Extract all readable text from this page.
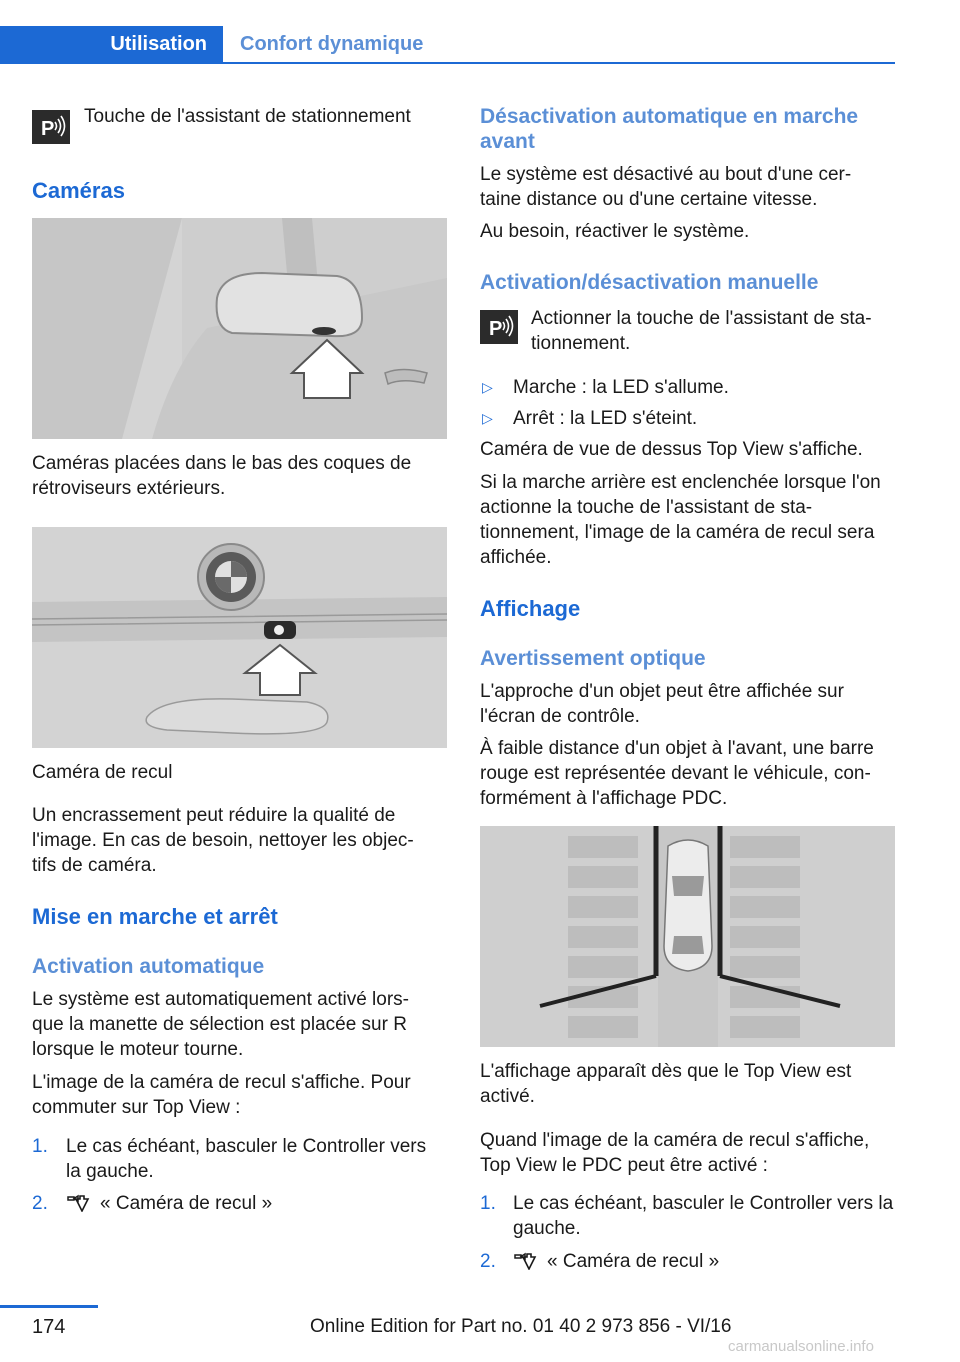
Utilisation	Confort dynamique
P
Touche de l'assistant de stationnement
Caméras
Caméras placées dans le bas des coques de rétroviseurs extérieurs.
Caméra de recul
Un encrassement peut réduire la qualité de l'image. En cas de besoin, nettoyer les objec- tifs de caméra.
Mise en marche et arrêt
Activation automatique
Le système est automatiquement activé lors- que la manette de sélection est placée sur R lorsque le moteur tourne.
L'image de la caméra de recul s'affiche. Pour commuter sur Top View :
1. Le cas échéant, basculer le Controller vers la gauche.
2.	« Caméra de recul »
Désactivation automatique en marche avant
Le système est désactivé au bout d'une cer- taine distance ou d'une certaine vitesse.
Au besoin, réactiver le système.
Activation/désactivation manuelle
P Actionner la touche de l'assistant de sta- tionnement.
▷ Marche : la LED s'allume.
▷ Arrêt : la LED s'éteint.
Caméra de vue de dessus Top View s'affiche.
Si la marche arrière est enclenchée lorsque l'on actionne la touche de l'assistant de sta- tionnement, l'image de la caméra de recul sera affichée.
Affichage
Avertissement optique
L'approche d'un objet peut être affichée sur l'écran de contrôle.
À faible distance d'un objet à l'avant, une barre rouge est représentée devant le véhicule, con- formément à l'affichage PDC.
L'affichage apparaît dès que le Top View est activé.
Quand l'image de la caméra de recul s'affiche, Top View le PDC peut être activé :
1. Le cas échéant, basculer le Controller vers la gauche.
2.	« Caméra de recul »
174	Online Edition for Part no. 01 40 2 973 856 - VI/16
carmanualsonline.info
